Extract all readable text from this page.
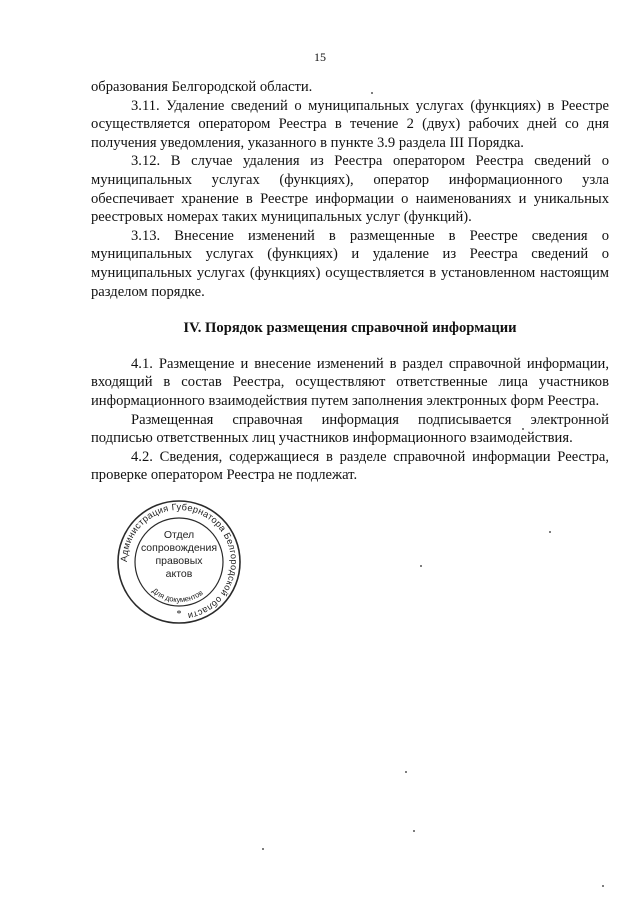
15

образования Белгородской области.

3.11. Удаление сведений о муниципальных услугах (функциях) в Реестре осуществляется оператором Реестра в течение 2 (двух) рабочих дней со дня получения уведомления, указанного в пункте 3.9 раздела III Порядка.

3.12. В случае удаления из Реестра оператором Реестра сведений о муниципальных услугах (функциях), оператор информационного узла обеспечивает хранение в Реестре информации о наименованиях и уникальных реестровых номерах таких муниципальных услуг (функций).

3.13. Внесение изменений в размещенные в Реестре сведения о муниципальных услугах (функциях) и удаление из Реестра сведений о муниципальных услугах (функциях) осуществляется в установленном настоящим разделом порядке.

IV. Порядок размещения справочной информации

4.1. Размещение и внесение изменений в раздел справочной информации, входящий в состав Реестра, осуществляют ответственные лица участников информационного взаимодействия путем заполнения электронных форм Реестра.

Размещенная справочная информация подписывается электронной подписью ответственных лиц участников информационного взаимодействия.

4.2. Сведения, содержащиеся в разделе справочной информации Реестра, проверке оператором Реестра не подлежат.

Администрация Губернатора Белгородской области
Для документов
*
Отдел
сопровождения
правовых
актов
